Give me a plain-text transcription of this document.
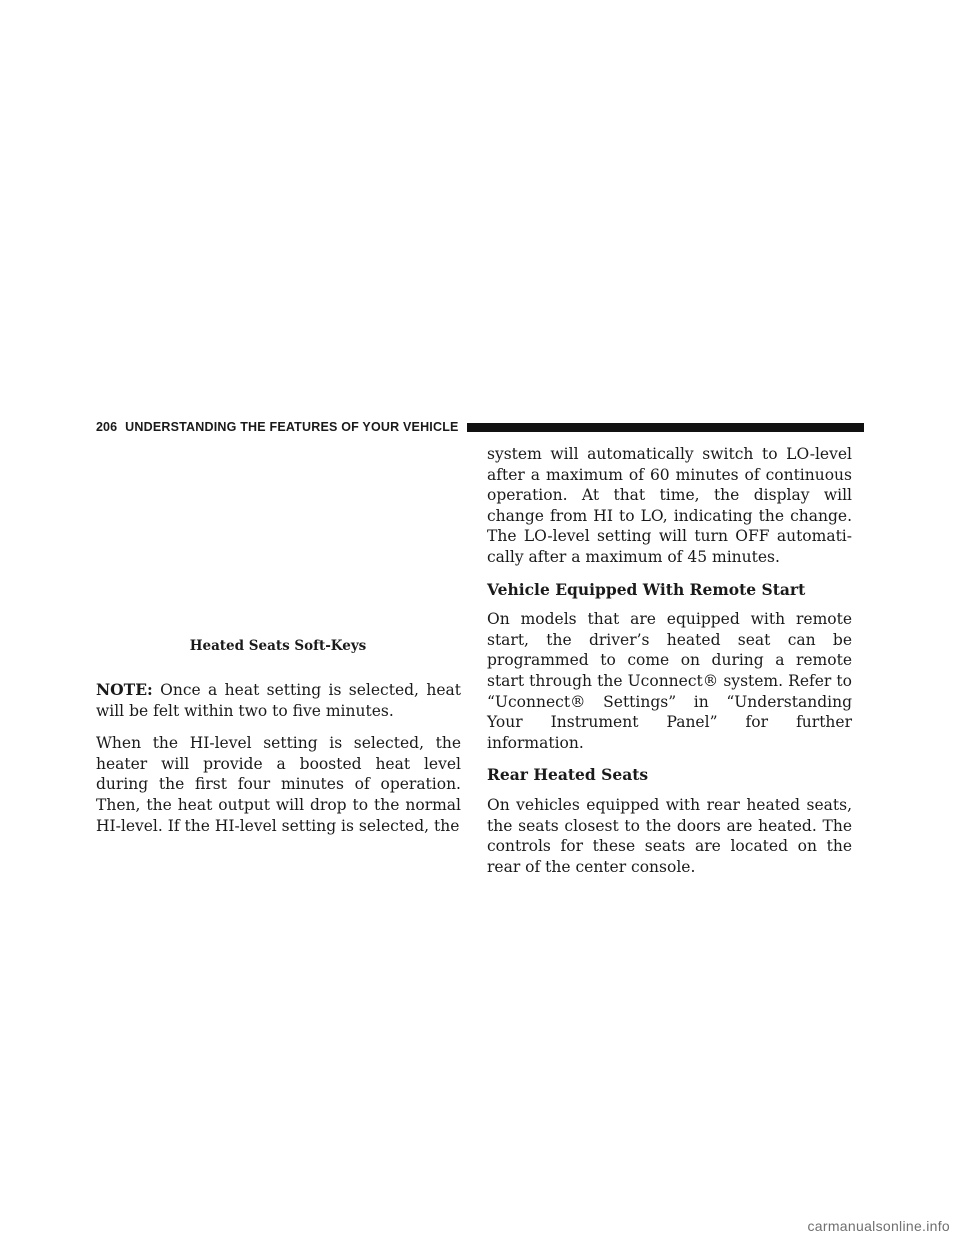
206 UNDERSTANDING THE FEATURES OF YOUR VEHICLE
Heated Seats Soft-Keys

NOTE: Once a heat setting is selected, heat will be felt within two to five minutes.

When the HI-level setting is selected, the heater will provide a boosted heat level during the first four minutes of operation. Then, the heat output will drop to the normal HI-level. If the HI-level setting is selected, the

system will automatically switch to LO-level after a maximum of 60 minutes of continuous operation. At that time, the display will change from HI to LO, indicating the change. The LO-level setting will turn OFF automati- cally after a maximum of 45 minutes.

Vehicle Equipped With Remote Start

On models that are equipped with remote start, the driver’s heated seat can be programmed to come on during a remote start through the Uconnect® system. Refer to “Uconnect® Settings” in “Understanding Your Instrument Panel” for further information.

Rear Heated Seats

On vehicles equipped with rear heated seats, the seats closest to the doors are heated. The controls for these seats are located on the rear of the center console.

carmanualsonline.info
